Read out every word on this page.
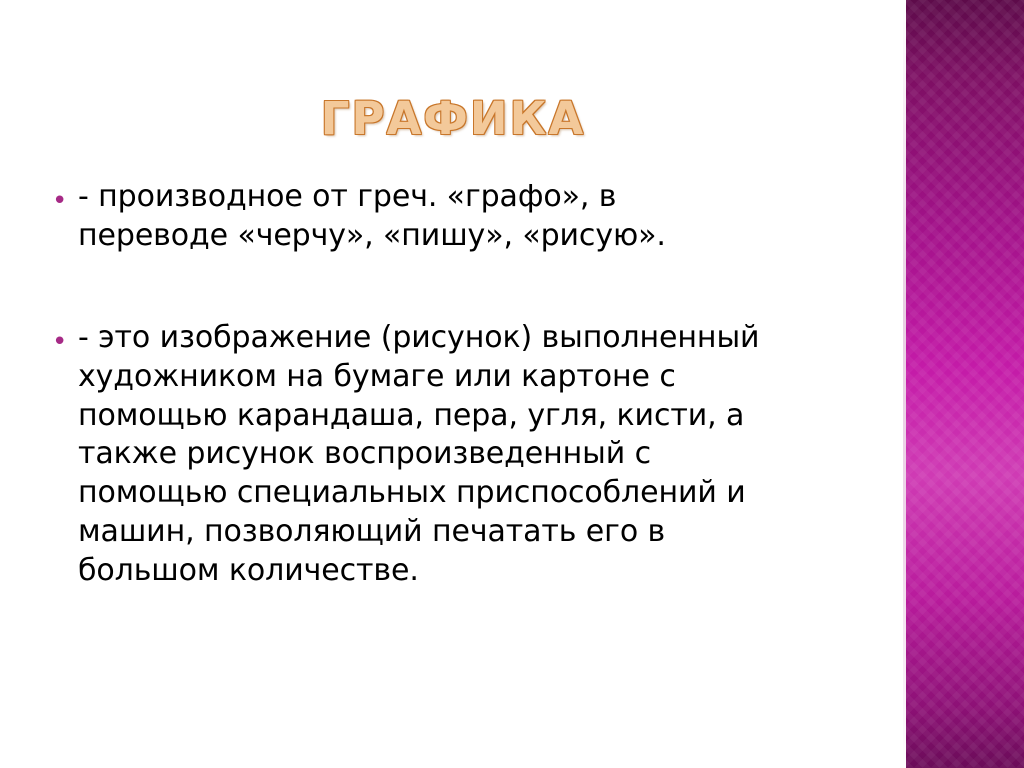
ГРАФИКА
•
- производное от греч. «графо», в переводе «черчу», «пишу», «рисую».
•
- это изображение (рисунок) выполненный художником на бумаге или картоне с помощью карандаша, пера, угля, кисти, а также рисунок воспроизведенный с помощью специальных приспособлений и машин, позволяющий печатать его в большом количестве.
